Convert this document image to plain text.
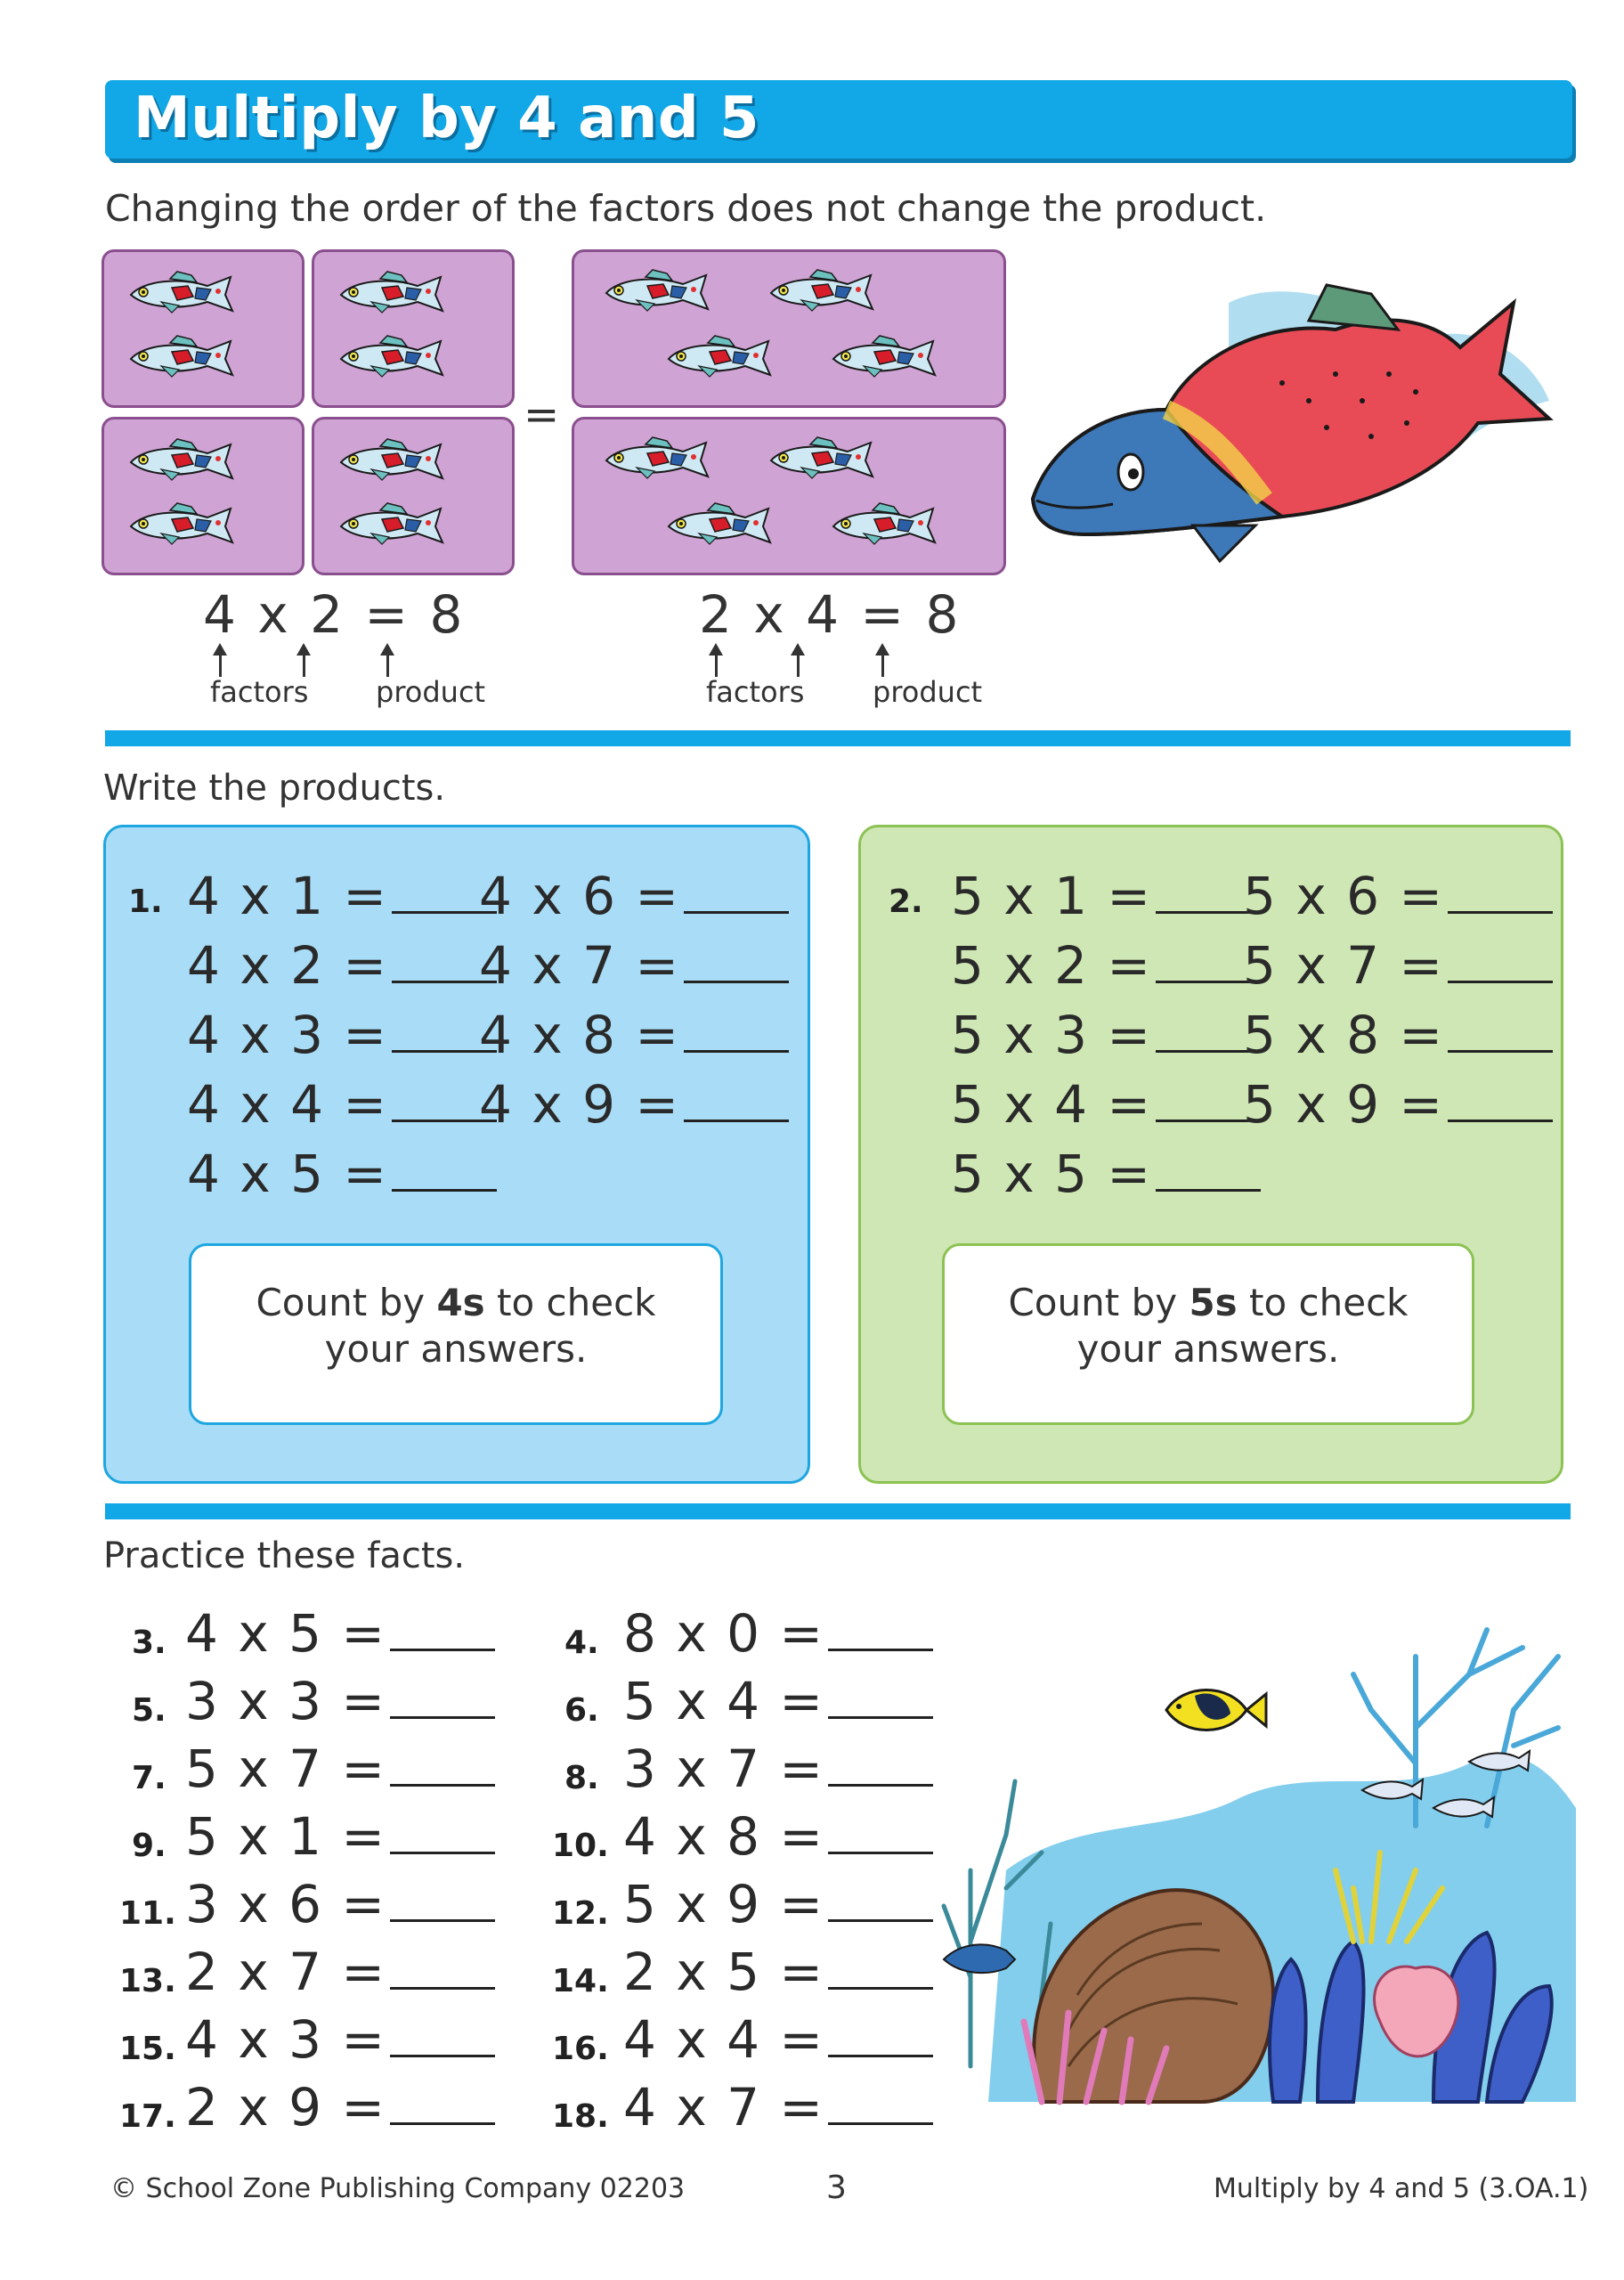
Multiply by 4 and 5
Changing the order of the factors does not change the product.
=
4 x 2 = 8
factors product
2 x 4 = 8
factors product
Write the products.
1. 4 x 1 =
4 x 2 =
4 x 3 =
4 x 4 =
4 x 5 =
4 x 6 =
4 x 7 =
4 x 8 =
4 x 9 =
Count by 4s to check
your answers.
2. 5 x 1 =
5 x 2 =
5 x 3 =
5 x 4 =
5 x 5 =
5 x 6 =
5 x 7 =
5 x 8 =
5 x 9 =
Count by 5s to check
your answers.
Practice these facts.
3. 4 x 5 =
5. 3 x 3 =
7. 5 x 7 =
9. 5 x 1 =
11. 3 x 6 =
13. 2 x 7 =
15. 4 x 3 =
17. 2 x 9 =
4. 8 x 0 =
6. 5 x 4 =
8. 3 x 7 =
10. 4 x 8 =
12. 5 x 9 =
14. 2 x 5 =
16. 4 x 4 =
18. 4 x 7 =
© School Zone Publishing Company 02203	3	Multiply by 4 and 5 (3.OA.1)
